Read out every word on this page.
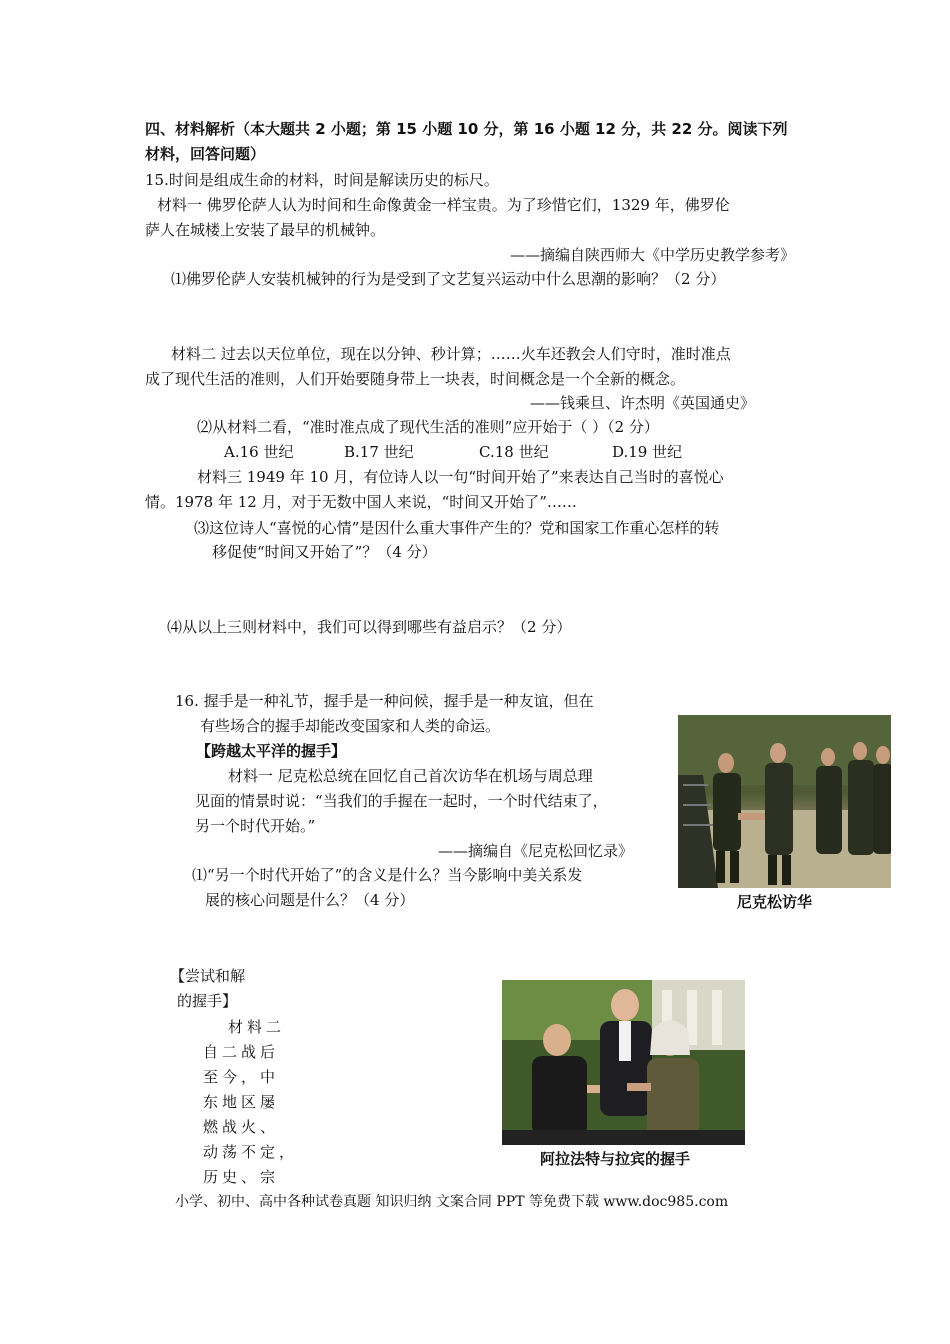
四、材料解析（本大题共 2 小题；第 15 小题 10 分，第 16 小题 12 分，共 22 分。阅读下列
材料，回答问题）
15.时间是组成生命的材料，时间是解读历史的标尺。
材料一 佛罗伦萨人认为时间和生命像黄金一样宝贵。为了珍惜它们，1329 年，佛罗伦
萨人在城楼上安装了最早的机械钟。
——摘编自陕西师大《中学历史教学参考》
⑴佛罗伦萨人安装机械钟的行为是受到了文艺复兴运动中什么思潮的影响？（2 分）
材料二 过去以天位单位，现在以分钟、秒计算；……火车还教会人们守时，准时准点
成了现代生活的准则，人们开始要随身带上一块表，时间概念是一个全新的概念。
——钱乘旦、许杰明《英国通史》
⑵从材料二看，“准时准点成了现代生活的准则”应开始于（ ）（2 分）
A.16 世纪	B.17 世纪	C.18 世纪	D.19 世纪
材料三 1949 年 10 月，有位诗人以一句“时间开始了”来表达自己当时的喜悦心
情。1978 年 12 月，对于无数中国人来说，“时间又开始了”……
⑶这位诗人“喜悦的心情”是因什么重大事件产生的？党和国家工作重心怎样的转
移促使“时间又开始了”？（4 分）
⑷从以上三则材料中，我们可以得到哪些有益启示？（2 分）
16. 握手是一种礼节，握手是一种问候，握手是一种友谊，但在
有些场合的握手却能改变国家和人类的命运。
【跨越太平洋的握手】
材料一 尼克松总统在回忆自己首次访华在机场与周总理
见面的情景时说：“当我们的手握在一起时，一个时代结束了，
另一个时代开始。”
——摘编自《尼克松回忆录》
⑴“另一个时代开始了”的含义是什么？当今影响中美关系发
展的核心问题是什么？（4 分）	尼克松访华
【尝试和解
的握手】
材料二
自二战后
至今，中
东地区屡
燃战火、
动荡不定，
历史、宗
阿拉法特与拉宾的握手
小学、初中、高中各种试卷真题 知识归纳 文案合同 PPT 等免费下载 www.doc985.com
